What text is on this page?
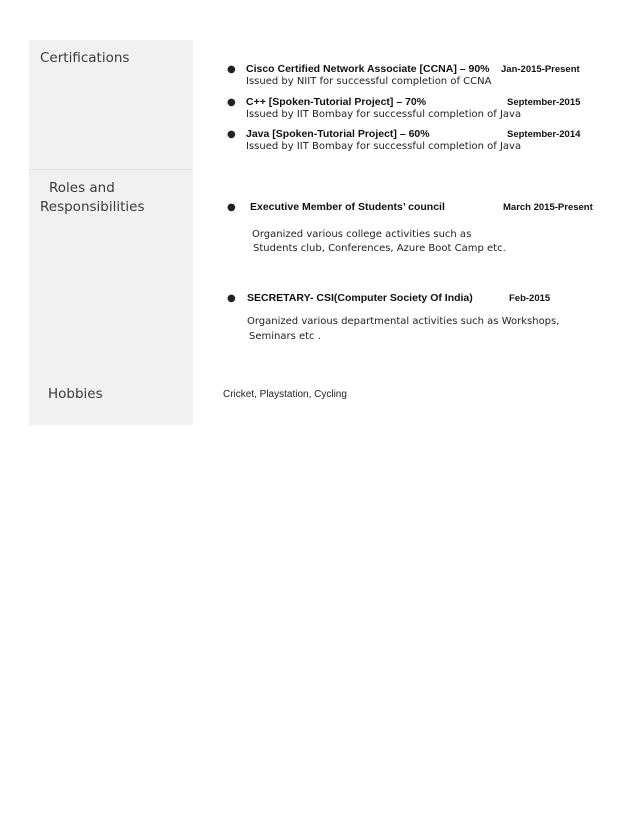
Certifications
Roles and
Responsibilities
Hobbies
● Cisco Certified Network Associate [CCNA] – 90% Jan-2015-Present
Issued by NIIT for successful completion of CCNA
● C++ [Spoken-Tutorial Project] – 70%	September-2015
Issued by IIT Bombay for successful completion of Java
● Java [Spoken-Tutorial Project] – 60%	September-2014
Issued by IIT Bombay for successful completion of Java
● Executive Member of Students’ council	March 2015-Present
Organized various college activities such as
Students club, Conferences, Azure Boot Camp etc.
● SECRETARY- CSI(Computer Society Of India)	Feb-2015
Organized various departmental activities such as Workshops,
Seminars etc .
Cricket, Playstation, Cycling
